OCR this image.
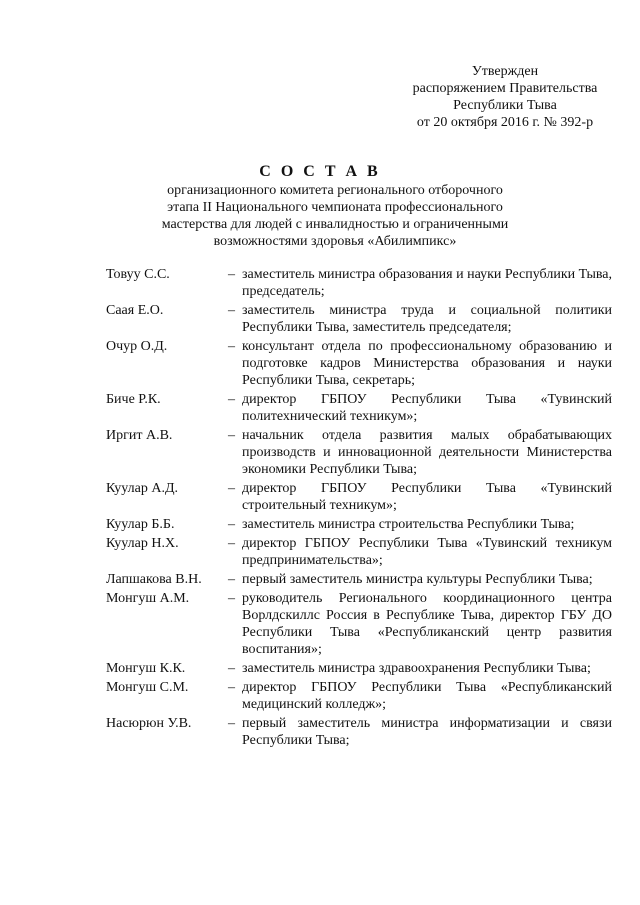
Утвержден
распоряжением Правительства
Республики Тыва
от 20 октября 2016 г. № 392-р
С О С Т А В
организационного комитета регионального отборочного
этапа II Национального чемпионата профессионального
мастерства для людей с инвалидностью и ограниченными
возможностями здоровья «Абилимпикс»
Товуу С.С.	– заместитель министра образования и науки Республики Тыва, председатель;
Саая Е.О.	– заместитель министра труда и социальной политики Республики Тыва, заместитель председателя;
Очур О.Д.	– консультант отдела по профессиональному образованию и подготовке кадров Министерства образования и науки Республики Тыва, секретарь;
Биче Р.К.	– директор ГБПОУ Республики Тыва «Тувинский политехнический техникум»;
Иргит А.В.	– начальник отдела развития малых обрабатывающих производств и инновационной деятельности Министерства экономики Республики Тыва;
Куулар А.Д.	– директор ГБПОУ Республики Тыва «Тувинский строительный техникум»;
Куулар Б.Б.	– заместитель министра строительства Республики Тыва;
Куулар Н.Х.	– директор ГБПОУ Республики Тыва «Тувинский техникум предпринимательства»;
Лапшакова В.Н.	– первый заместитель министра культуры Республики Тыва;
Монгуш А.М.	– руководитель Регионального координационного центра Ворлдскиллс Россия в Республике Тыва, директор ГБУ ДО Республики Тыва «Республиканский центр развития воспитания»;
Монгуш К.К.	– заместитель министра здравоохранения Республики Тыва;
Монгуш С.М.	– директор ГБПОУ Республики Тыва «Республиканский медицинский колледж»;
Насюрюн У.В.	– первый заместитель министра информатизации и связи Республики Тыва;
